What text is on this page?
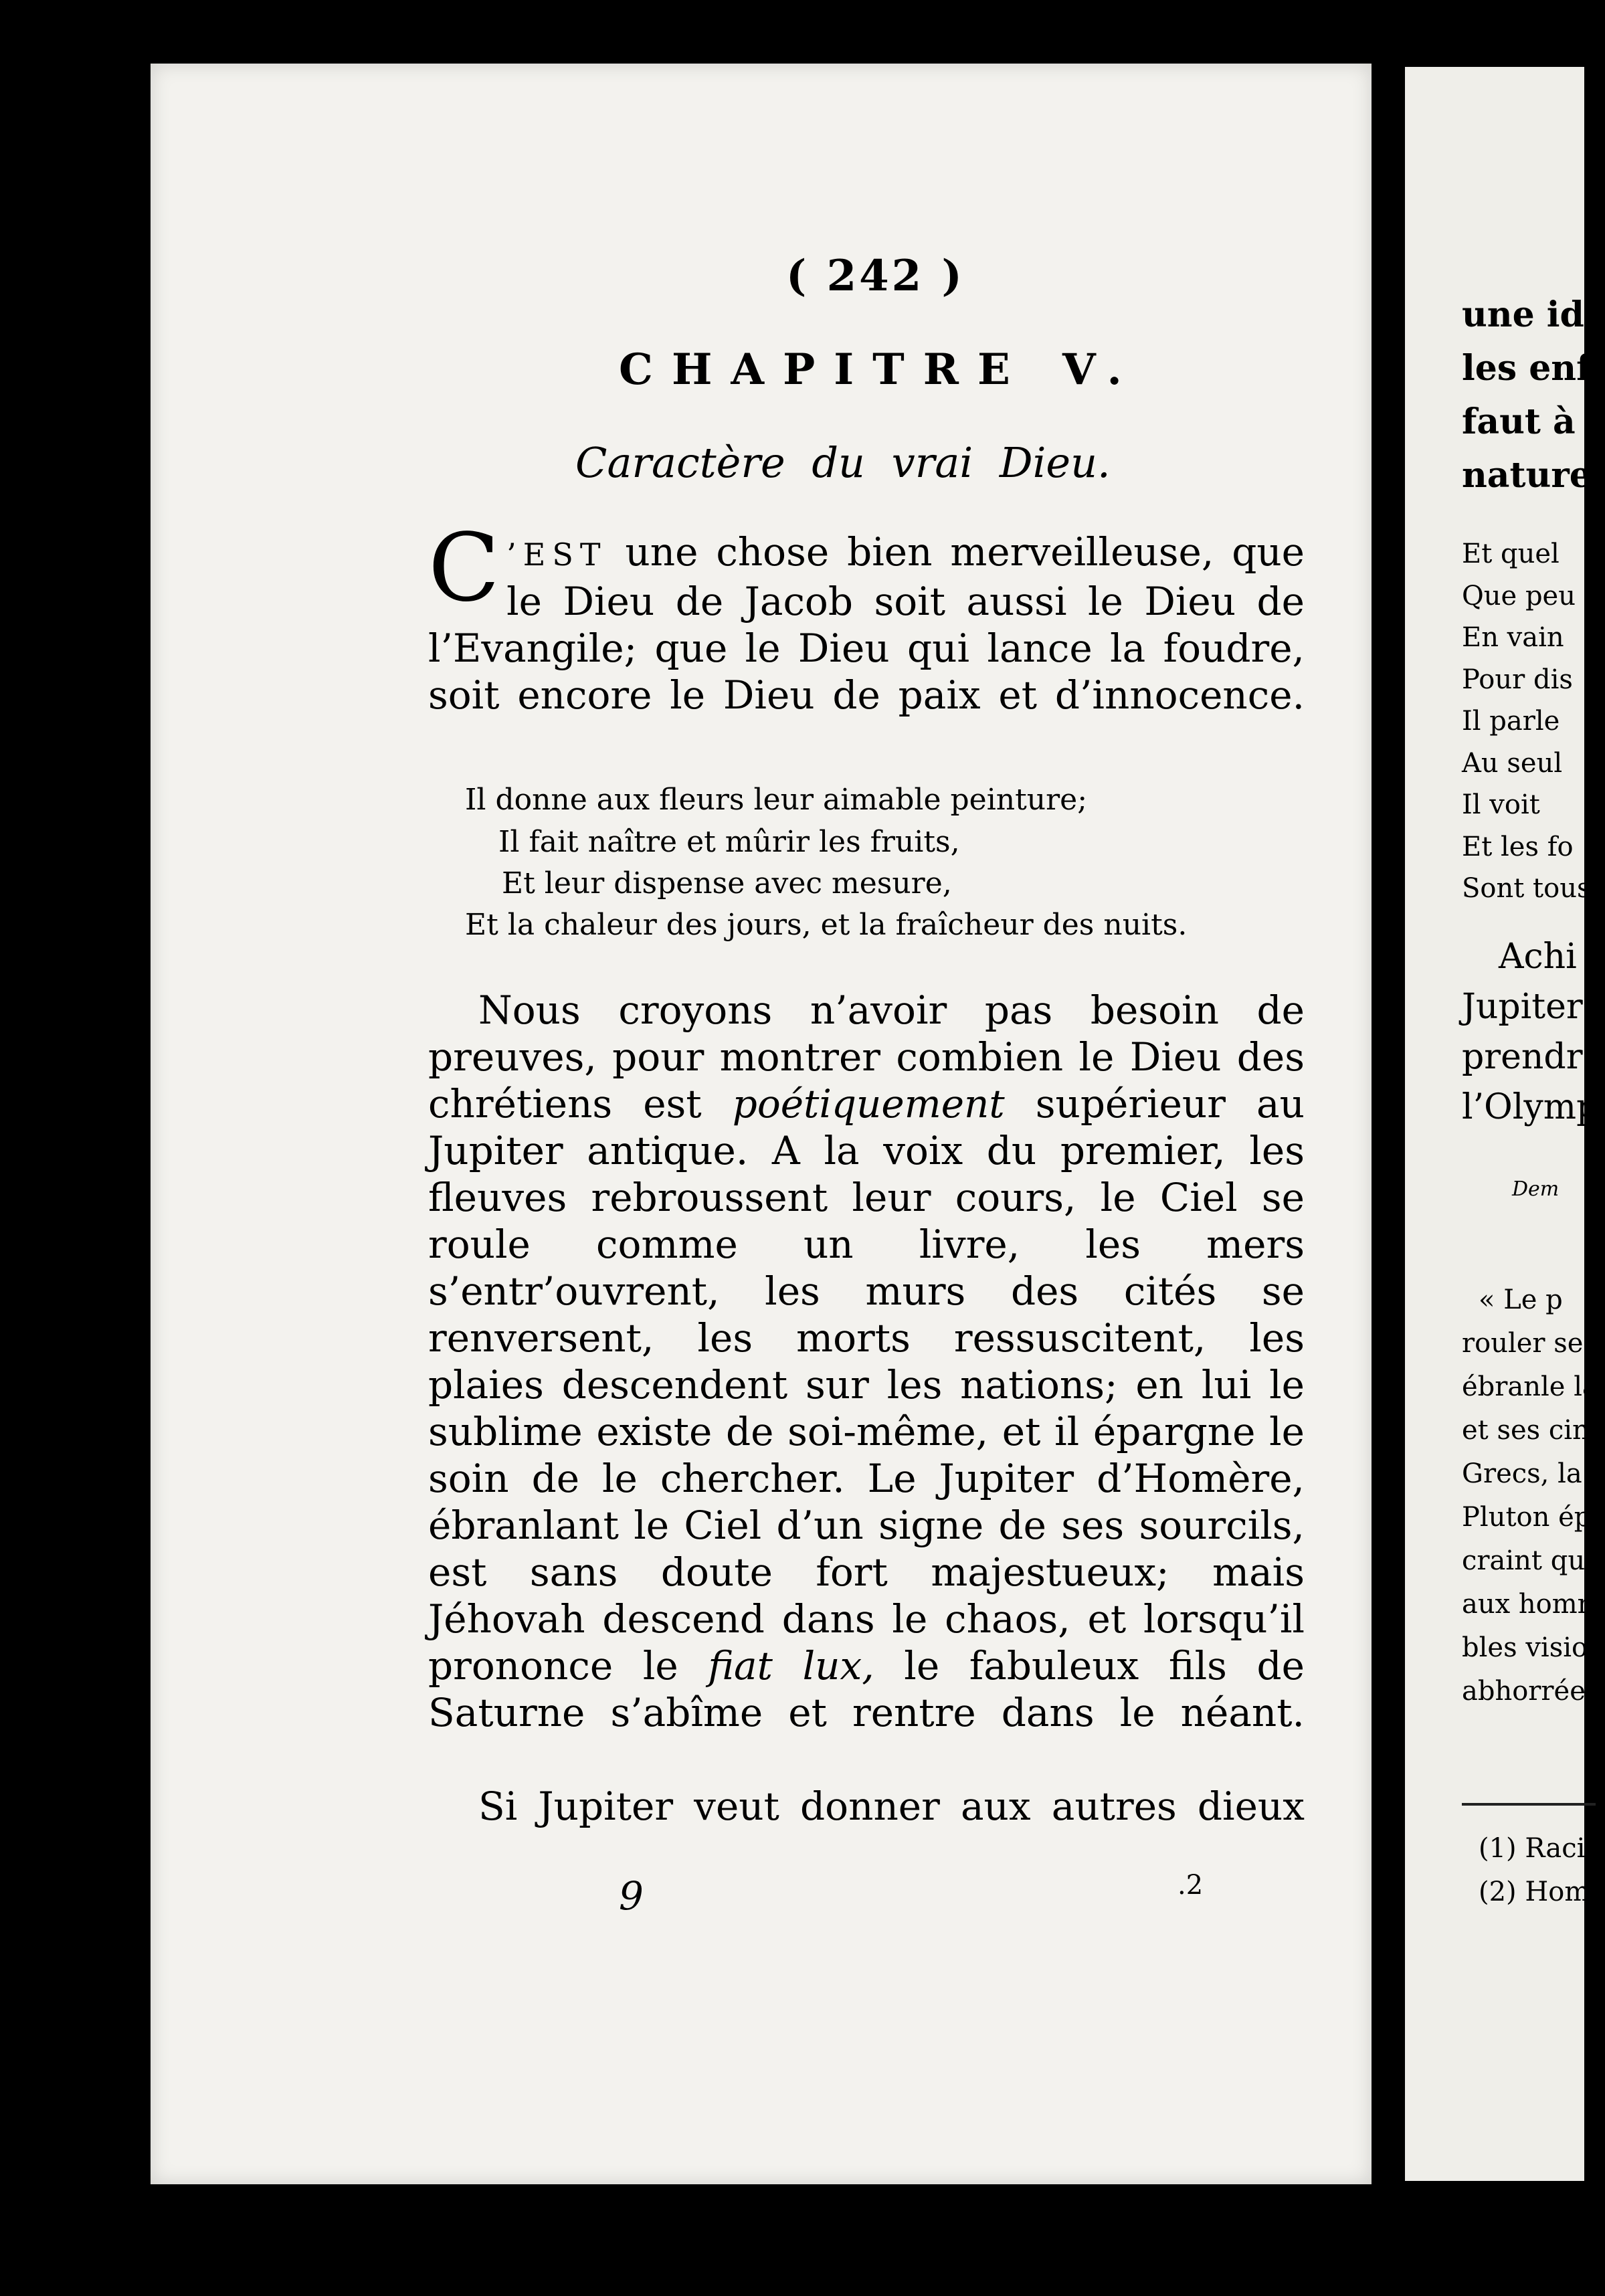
( 242 )
CHAPITRE V.
Caractère du vrai Dieu.
C ’EST une chose bien merveilleuse, que le Dieu de Jacob soit aussi le Dieu de l’Evangile; que le Dieu qui lance la foudre, soit encore le Dieu de paix et d’innocence.
Il donne aux fleurs leur aimable peinture;
Il fait naître et mûrir les fruits,
Et leur dispense avec mesure,
Et la chaleur des jours, et la fraîcheur des nuits.
Nous croyons n’avoir pas besoin de preuves, pour montrer combien le Dieu des chrétiens est poétiquement supérieur au Jupiter antique. A la voix du premier, les fleuves rebroussent leur cours, le Ciel se roule comme un livre, les mers s’entr’ouvrent, les murs des cités se renversent, les morts ressuscitent, les plaies descendent sur les nations; en lui le sublime existe de soi-même, et il épargne le soin de le chercher. Le Jupiter d’Homère, ébranlant le Ciel d’un signe de ses sourcils, est sans doute fort majestueux; mais Jéhovah descend dans le chaos, et lorsqu’il prononce le fiat lux, le fabuleux fils de Saturne s’abîme et rentre dans le néant.
Si Jupiter veut donner aux autres dieux
9	.2
une id
les enf
faut à
nature
Et quel
Que peu
En vain
Pour dis
Il parle
Au seul
Il voit
Et les fo
Sont tous
Achi
Jupiter
prendre
l’Olymp
Dem
« Le p
rouler se
ébranle la
et ses cin
Grecs, la
Pluton ép
craint que
aux homm
bles vision
abhorrées
(1) Raci
(2) Hom
